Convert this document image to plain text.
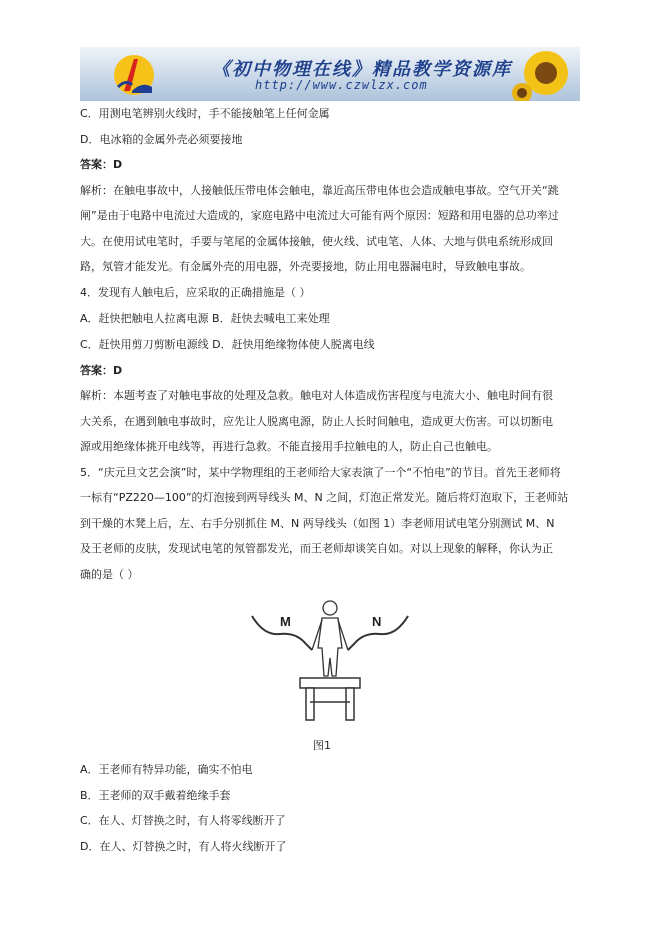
《初中物理在线》精品教学资源库
http://www.czwlzx.com
C．用测电笔辨别火线时，手不能接触笔上任何金属
D．电冰箱的金属外壳必须要接地
答案：D
解析：在触电事故中，人接触低压带电体会触电，靠近高压带电体也会造成触电事故。空气开关“跳
闸”是由于电路中电流过大造成的，家庭电路中电流过大可能有两个原因：短路和用电器的总功率过
大。在使用试电笔时，手要与笔尾的金属体接触，使火线、试电笔、人体、大地与供电系统形成回
路，氖管才能发光。有金属外壳的用电器，外壳要接地，防止用电器漏电时，导致触电事故。
4．发现有人触电后，应采取的正确措施是（ ）
A．赶快把触电人拉离电源 B．赶快去喊电工来处理
C．赶快用剪刀剪断电源线 D．赶快用绝缘物体使人脱离电线
答案：D
解析：本题考查了对触电事故的处理及急救。触电对人体造成伤害程度与电流大小、触电时间有很
大关系，在遇到触电事故时，应先让人脱离电源，防止人长时间触电，造成更大伤害。可以切断电
源或用绝缘体挑开电线等，再进行急救。不能直接用手拉触电的人，防止自己也触电。
5．“庆元旦文艺会演”时，某中学物理组的王老师给大家表演了一个“不怕电”的节目。首先王老师将
一标有“PZ220—100”的灯泡接到两导线头 M、N 之间，灯泡正常发光。随后将灯泡取下，王老师站
到干燥的木凳上后，左、右手分别抓住 M、N 两导线头（如图 1）李老师用试电笔分别测试 M、N
及王老师的皮肤，发现试电笔的氖管都发光，而王老师却谈笑自如。对以上现象的解释，你认为正
确的是（ ）
A．王老师有特异功能，确实不怕电
B．王老师的双手戴着绝缘手套
C．在人、灯替换之时，有人将零线断开了
D．在人、灯替换之时，有人将火线断开了
M	N
图1
